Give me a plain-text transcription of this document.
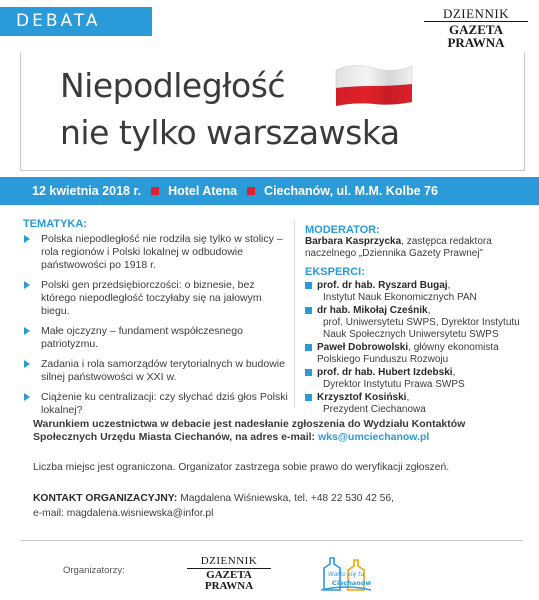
DEBATA	DZIENNIK
GAZETA PRAWNA
Niepodległość
nie tylko warszawska
12 kwietnia 2018 r. Hotel Atena Ciechanów, ul. M.M. Kolbe 76
TEMATYKA:
Polska niepodległość nie rodziła się tylko w stolicy – rola regionów i Polski lokalnej w odbudowie państwowości po 1918 r.
Polski gen przedsiębiorczości: o biznesie, bez którego niepodległość toczyłaby się na jałowym biegu.
Małe ojczyzny – fundament współczesnego patriotyzmu.
Zadania i rola samorządów terytorialnych w budowie silnej państwowości w XXI w.
Ciążenie ku centralizacji: czy słychać dziś głos Polski lokalnej?
MODERATOR:
Barbara Kasprzycka, zastępca redaktora naczelnego „Dziennika Gazety Prawnej”
EKSPERCI:
prof. dr hab. Ryszard Bugaj,
Instytut Nauk Ekonomicznych PAN
dr hab. Mikołaj Cześnik,
prof. Uniwersytetu SWPS, Dyrektor Instytutu Nauk Społecznych Uniwersytetu SWPS
Paweł Dobrowolski, główny ekonomista Polskiego Funduszu Rozwoju
prof. dr hab. Hubert Izdebski,
Dyrektor Instytutu Prawa SWPS
Krzysztof Kosiński,
Prezydent Ciechanowa
Warunkiem uczestnictwa w debacie jest nadesłanie zgłoszenia do Wydziału Kontaktów Społecznych Urzędu Miasta Ciechanów, na adres e-mail: wks@umciechanow.pl
Liczba miejsc jest ograniczona. Organizator zastrzega sobie prawo do weryfikacji zgłoszeń.
KONTAKT ORGANIZACYJNY: Magdalena Wiśniewska, tel. +48 22 530 42 56,
e-mail: magdalena.wisniewska@infor.pl
Organizatorzy:
DZIENNIK
GAZETA PRAWNA
Warto się tu
Ciechanów
